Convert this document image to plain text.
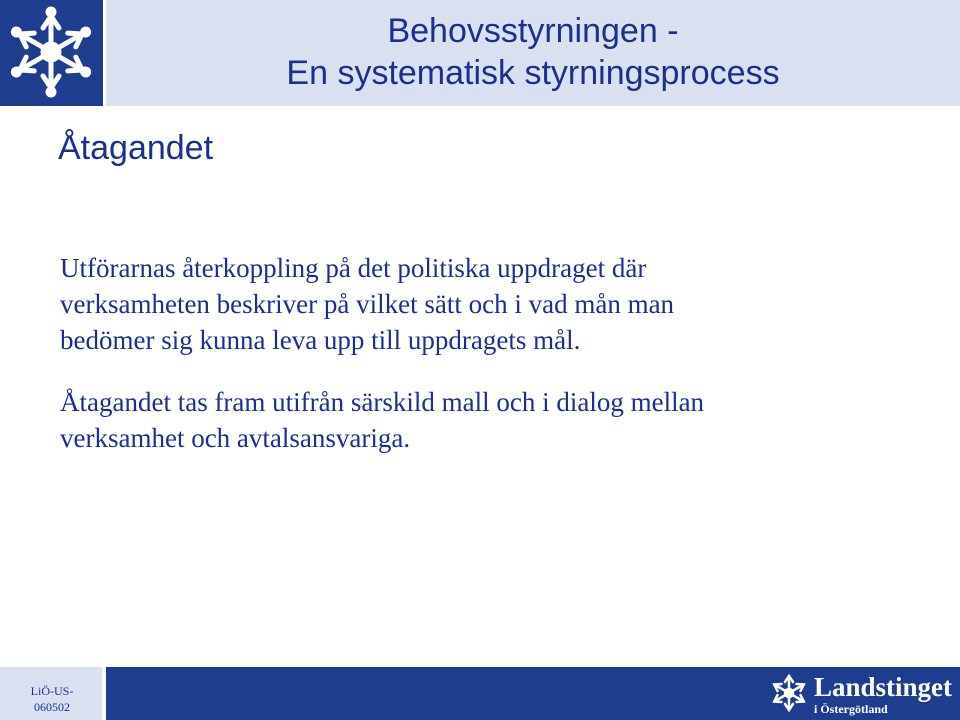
Behovsstyrningen -
En systematisk styrningsprocess
Åtagandet
Utförarnas återkoppling på det politiska uppdraget där
verksamheten beskriver på vilket sätt och i vad mån man
bedömer sig kunna leva upp till uppdragets mål.
Åtagandet tas fram utifrån särskild mall och i dialog mellan
verksamhet och avtalsansvariga.
LiÖ-US-
060502
Landstinget
i Östergötland
